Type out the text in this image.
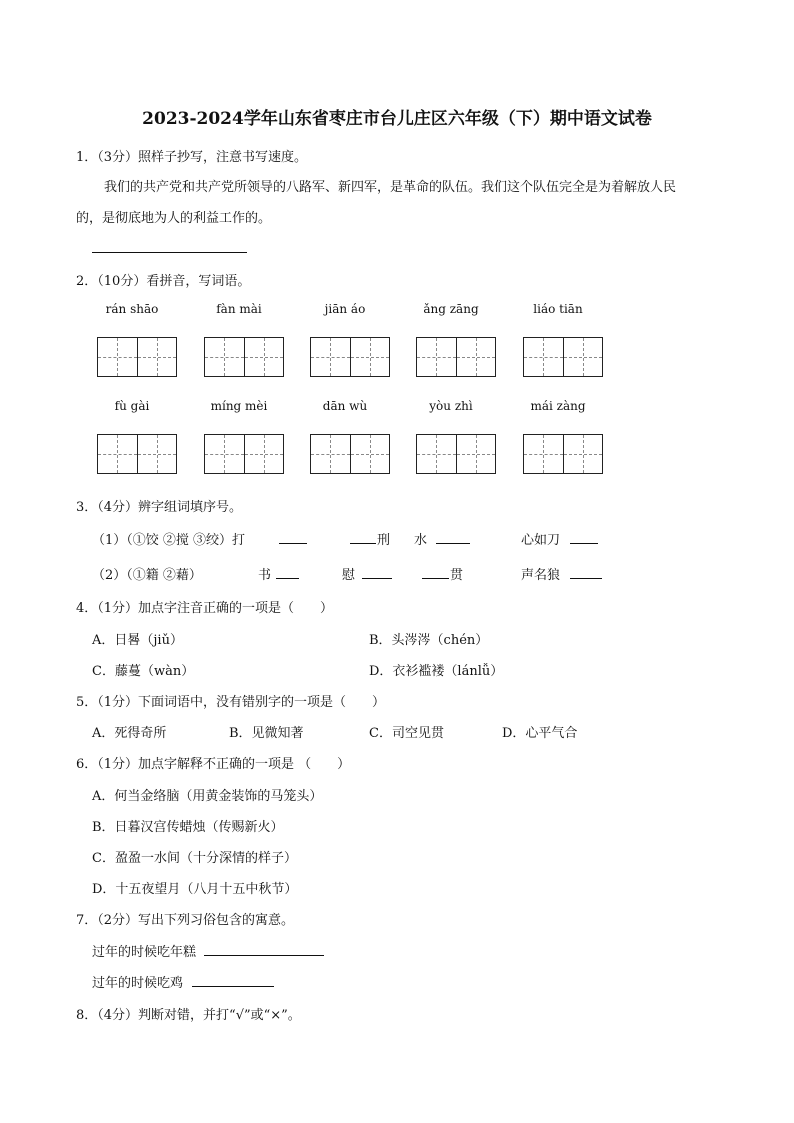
2023-2024学年山东省枣庄市台儿庄区六年级（下）期中语文试卷
1．（3分）照样子抄写，注意书写速度。
我们的共产党和共产党所领导的八路军、新四军，是革命的队伍。我们这个队伍完全是为着解放人民
的，是彻底地为人的利益工作的。
2．（10分）看拼音，写词语。
rán shāo	fàn mài	jiān áo	ǎng zāng	liáo tiān
fù gài	míng mèi	dān wù	yòu zhì	mái zàng
3．（4分）辨字组词填序号。
（1）（①饺 ②搅 ③绞）打	刑 水	心如刀
（2）（①籍 ②藉）	书	慰	贯	声名狼
4．（1分）加点字注音正确的一项是（　　）
A．日晷（jiǔ）	B．头涔涔（chén）
C．藤蔓（wàn）	D．衣衫褴褛（lánlǚ）
5．（1分）下面词语中，没有错别字的一项是（　　）
A．死得奇所	B．见微知著	C．司空见贯	D．心平气合
6．（1分）加点字解释不正确的一项是 （　　）
A．何当金络脑（用黄金装饰的马笼头）
B．日暮汉宫传蜡烛（传赐新火）
C．盈盈一水间（十分深情的样子）
D．十五夜望月（八月十五中秋节）
7．（2分）写出下列习俗包含的寓意。
过年的时候吃年糕
过年的时候吃鸡
8．（4分）判断对错，并打“√”或“×”。
